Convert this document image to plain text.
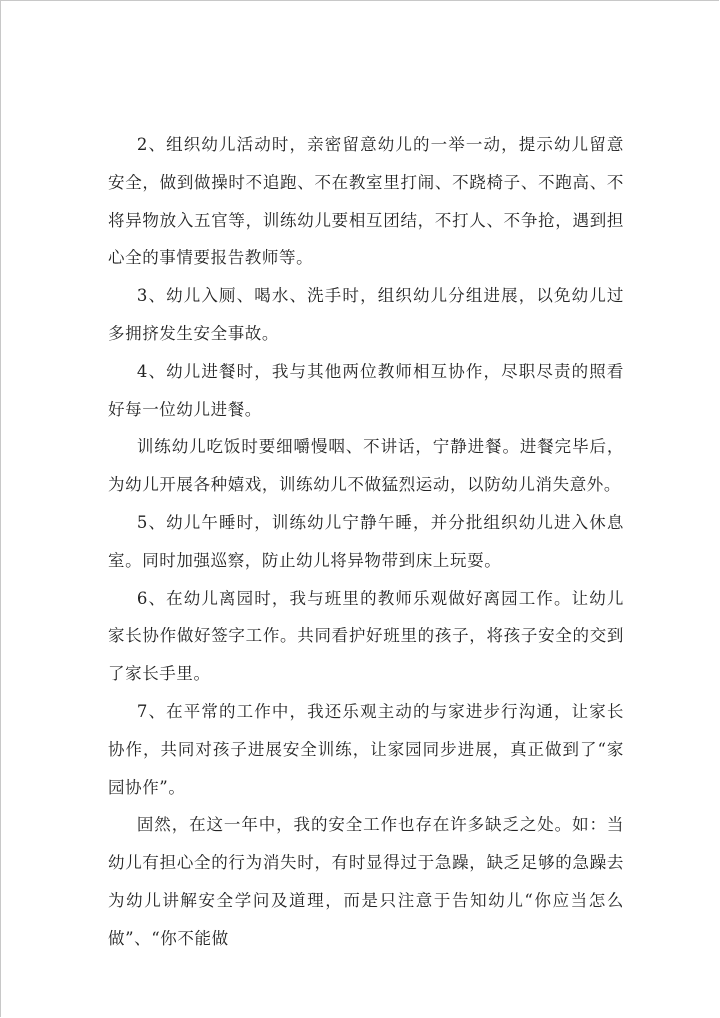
2、组织幼儿活动时，亲密留意幼儿的一举一动，提示幼儿留意安全，做到做操时不追跑、不在教室里打闹、不跷椅子、不跑高、不将异物放入五官等，训练幼儿要相互团结，不打人、不争抢，遇到担心全的事情要报告教师等。

3、幼儿入厕、喝水、洗手时，组织幼儿分组进展，以免幼儿过多拥挤发生安全事故。

4、幼儿进餐时，我与其他两位教师相互协作，尽职尽责的照看好每一位幼儿进餐。

训练幼儿吃饭时要细嚼慢咽、不讲话，宁静进餐。进餐完毕后，为幼儿开展各种嬉戏，训练幼儿不做猛烈运动，以防幼儿消失意外。

5、幼儿午睡时，训练幼儿宁静午睡，并分批组织幼儿进入休息室。同时加强巡察，防止幼儿将异物带到床上玩耍。

6、在幼儿离园时，我与班里的教师乐观做好离园工作。让幼儿家长协作做好签字工作。共同看护好班里的孩子，将孩子安全的交到了家长手里。

7、在平常的工作中，我还乐观主动的与家进步行沟通，让家长协作，共同对孩子进展安全训练，让家园同步进展，真正做到了“家园协作”。

固然，在这一年中，我的安全工作也存在许多缺乏之处。如：当幼儿有担心全的行为消失时，有时显得过于急躁，缺乏足够的急躁去为幼儿讲解安全学问及道理，而是只注意于告知幼儿“你应当怎么做”、“你不能做
